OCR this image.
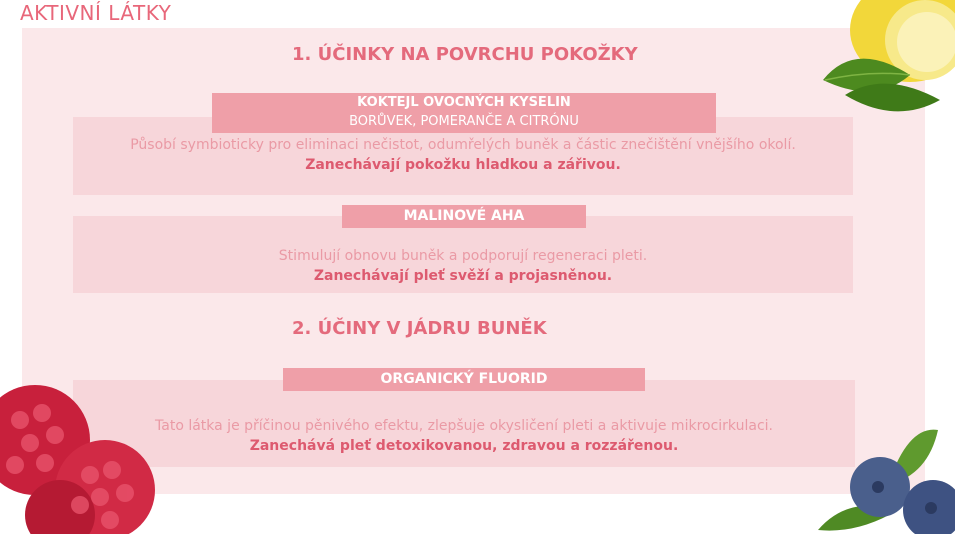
AKTIVNÍ LÁTKY
1. ÚČINKY NA POVRCHU POKOŽKY
Působí symbioticky pro eliminaci nečistot, odumřelých buněk a částic znečištění vnějšího okolí.
Zanechávají pokožku hladkou a zářivou.
KOKTEJL OVOCNÝCH KYSELIN
BORŮVEK, POMERANČE A CITRÓNU
Stimulují obnovu buněk a podporují regeneraci pleti.
Zanechávají pleť svěží a projasněnou.
MALINOVÉ AHA
2. ÚČINY V JÁDRU BUNĚK
Tato látka je příčinou pěnivého efektu, zlepšuje okysličení pleti a aktivuje mikrocirkulaci.
Zanechává pleť detoxikovanou, zdravou a rozzářenou.
ORGANICKÝ FLUORID
